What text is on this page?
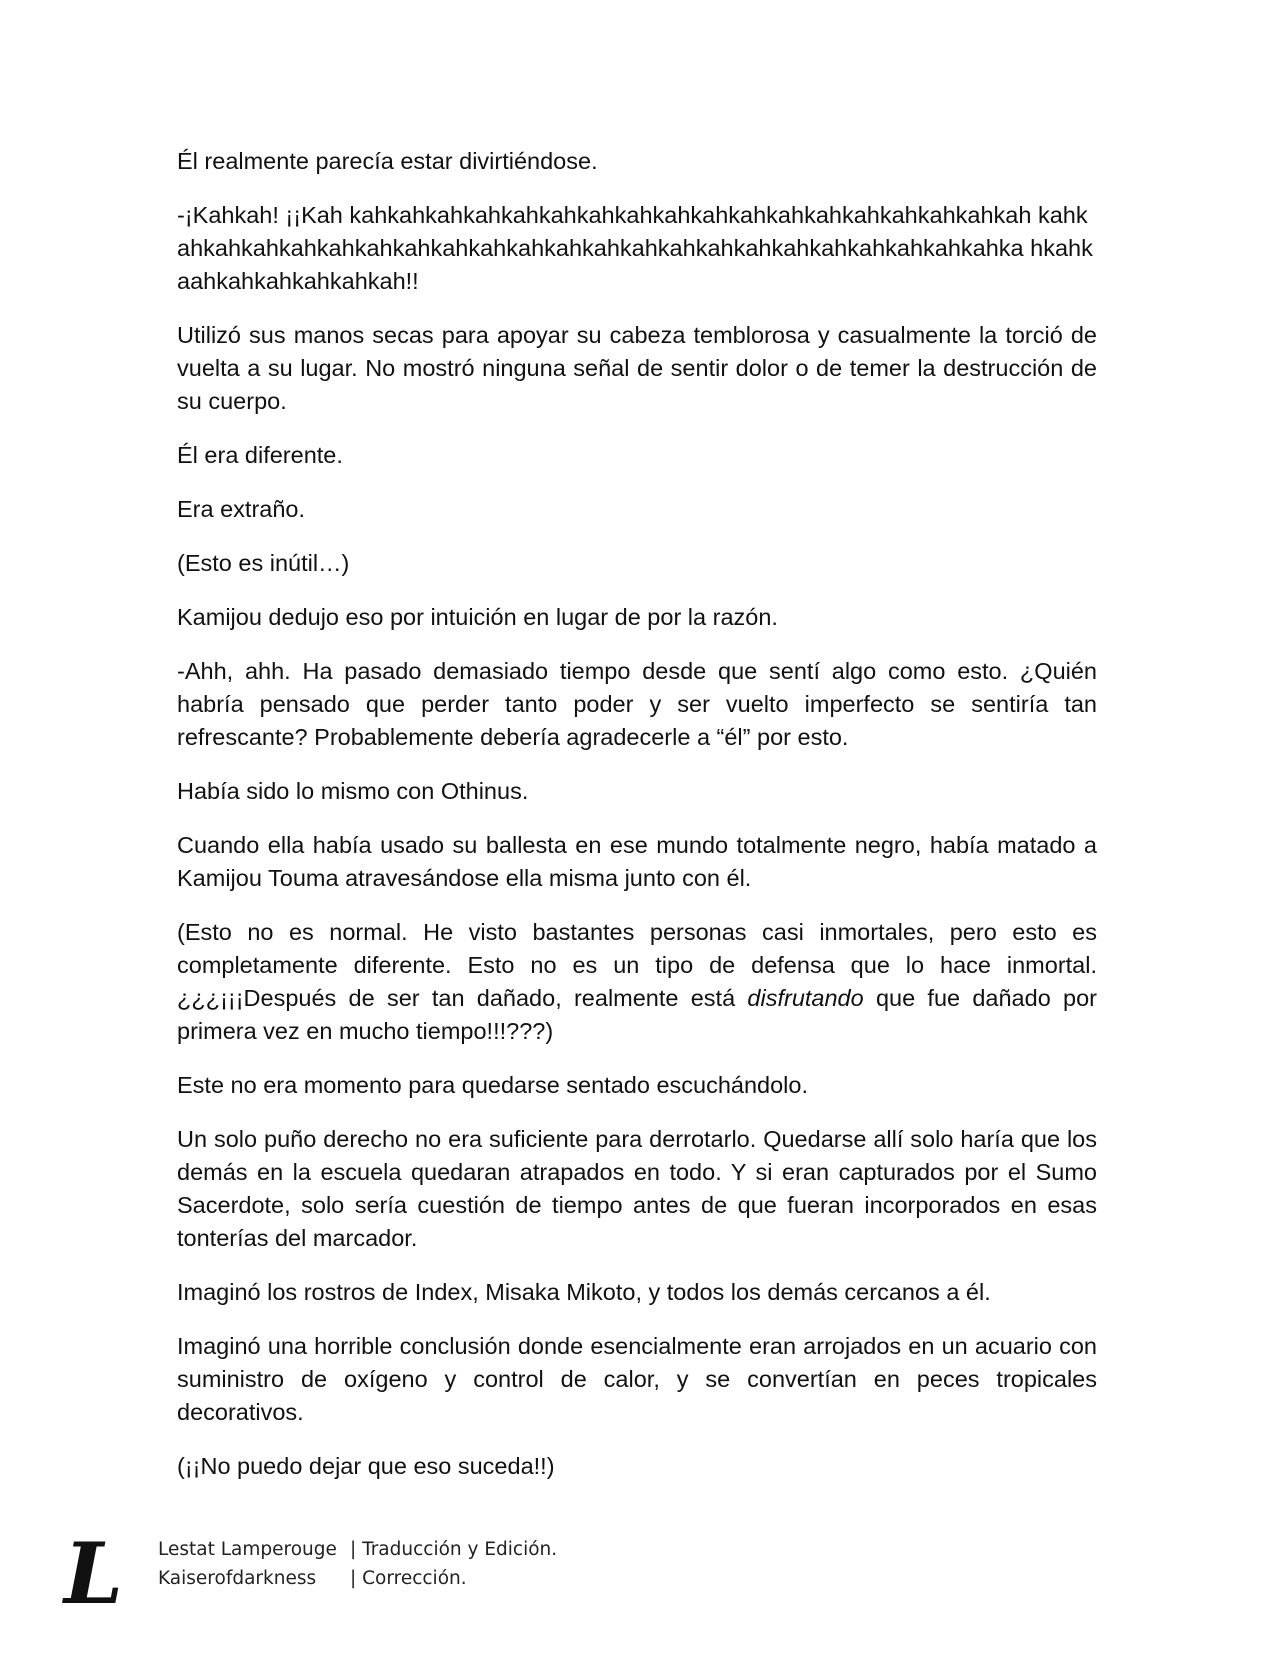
Él realmente parecía estar divirtiéndose.

-¡Kahkah! ¡¡Kah kahkahkahkahkahkahkahkahkahkahkahkahkahkahkahkahkahkah kahkahkahkahkahkahkahkahkahkahkahkahkahkahkahkahkahkahkahkahkahkahkahka hkahkaahkahkahkahkahkah!!

Utilizó sus manos secas para apoyar su cabeza temblorosa y casualmente la torció de vuelta a su lugar. No mostró ninguna señal de sentir dolor o de temer la destrucción de su cuerpo.

Él era diferente.

Era extraño.

(Esto es inútil…)

Kamijou dedujo eso por intuición en lugar de por la razón.

-Ahh, ahh. Ha pasado demasiado tiempo desde que sentí algo como esto. ¿Quién habría pensado que perder tanto poder y ser vuelto imperfecto se sentiría tan refrescante? Probablemente debería agradecerle a “él” por esto.

Había sido lo mismo con Othinus.

Cuando ella había usado su ballesta en ese mundo totalmente negro, había matado a Kamijou Touma atravesándose ella misma junto con él.

(Esto no es normal. He visto bastantes personas casi inmortales, pero esto es completamente diferente. Esto no es un tipo de defensa que lo hace inmortal. ¿¿¿¡¡¡Después de ser tan dañado, realmente está disfrutando que fue dañado por primera vez en mucho tiempo!!!???)

Este no era momento para quedarse sentado escuchándolo.

Un solo puño derecho no era suficiente para derrotarlo. Quedarse allí solo haría que los demás en la escuela quedaran atrapados en todo. Y si eran capturados por el Sumo Sacerdote, solo sería cuestión de tiempo antes de que fueran incorporados en esas tonterías del marcador.

Imaginó los rostros de Index, Misaka Mikoto, y todos los demás cercanos a él.

Imaginó una horrible conclusión donde esencialmente eran arrojados en un acuario con suministro de oxígeno y control de calor, y se convertían en peces tropicales decorativos.

(¡¡No puedo dejar que eso suceda!!)

L Lestat Lamperouge | Traducción y Edición.
Kaiserofdarkness	| Corrección.
